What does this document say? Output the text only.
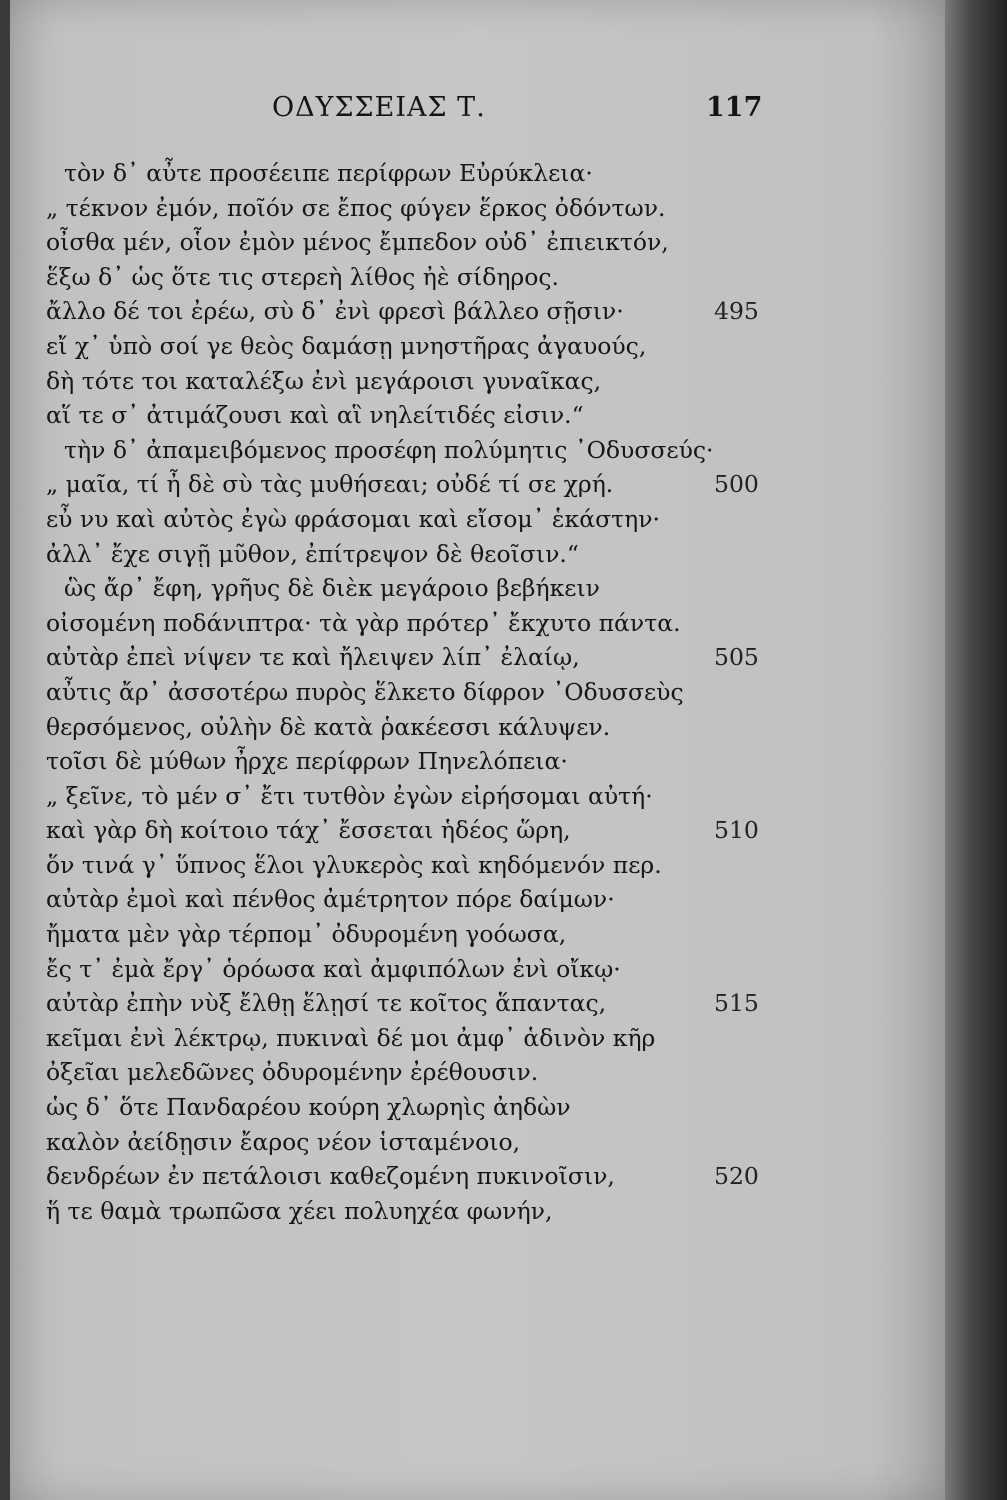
ΟΔΥΣΣΕΙΑΣ Τ.	117
τὸν δ᾽ αὖτε προσέειπε περίφρων Εὐρύκλεια·
„ τέκνον ἐμόν, ποῖόν σε ἔπος φύγεν ἕρκος ὀδόντων.
οἶσθα μέν, οἷον ἐμὸν μένος ἔμπεδον οὐδ᾽ ἐπιεικτόν,
ἕξω δ᾽ ὡς ὅτε τις στερεὴ λίθος ἠὲ σίδηρος.
ἄλλο δέ τοι ἐρέω, σὺ δ᾽ ἐνὶ φρεσὶ βάλλεο σῇσιν·	495
εἴ χ᾽ ὑπὸ σοί γε θεὸς δαμάσῃ μνηστῆρας ἀγαυούς,
δὴ τότε τοι καταλέξω ἐνὶ μεγάροισι γυναῖκας,
αἵ τε σ᾽ ἀτιμάζουσι καὶ αἳ νηλείτιδές εἰσιν.“
τὴν δ᾽ ἀπαμειβόμενος προσέφη πολύμητις ᾿Οδυσσεύς·
„ μαῖα, τί ἦ δὲ σὺ τὰς μυθήσεαι; οὐδέ τί σε χρή.	500
εὖ νυ καὶ αὐτὸς ἐγὼ φράσομαι καὶ εἴσομ᾽ ἑκάστην·
ἀλλ᾽ ἔχε σιγῇ μῦθον, ἐπίτρεψον δὲ θεοῖσιν.“
ὣς ἄρ᾽ ἔφη, γρῆυς δὲ διὲκ μεγάροιο βεβήκειν
οἰσομένη ποδάνιπτρα· τὰ γὰρ πρότερ᾽ ἔκχυτο πάντα.
αὐτὰρ ἐπεὶ νίψεν τε καὶ ἤλειψεν λίπ᾽ ἐλαίῳ,	505
αὖτις ἄρ᾽ ἀσσοτέρω πυρὸς ἕλκετο δίφρον ᾿Οδυσσεὺς
θερσόμενος, οὐλὴν δὲ κατὰ ῥακέεσσι κάλυψεν.
τοῖσι δὲ μύθων ἦρχε περίφρων Πηνελόπεια·
„ ξεῖνε, τὸ μέν σ᾽ ἔτι τυτθὸν ἐγὼν εἰρήσομαι αὐτή·
καὶ γὰρ δὴ κοίτοιο τάχ᾽ ἔσσεται ἡδέος ὥρη,	510
ὅν τινά γ᾽ ὕπνος ἕλοι γλυκερὸς καὶ κηδόμενόν περ.
αὐτὰρ ἐμοὶ καὶ πένθος ἀμέτρητον πόρε δαίμων·
ἤματα μὲν γὰρ τέρπομ᾽ ὀδυρομένη γοόωσα,
ἔς τ᾽ ἐμὰ ἔργ᾽ ὁρόωσα καὶ ἀμφιπόλων ἐνὶ οἴκῳ·
αὐτὰρ ἐπὴν νὺξ ἔλθῃ ἕλῃσί τε κοῖτος ἅπαντας,	515
κεῖμαι ἐνὶ λέκτρῳ, πυκιναὶ δέ μοι ἀμφ᾽ ἁδινὸν κῆρ
ὀξεῖαι μελεδῶνες ὀδυρομένην ἐρέθουσιν.
ὡς δ᾽ ὅτε Πανδαρέου κούρη χλωρηὶς ἀηδὼν
καλὸν ἀείδῃσιν ἔαρος νέον ἱσταμένοιο,
δενδρέων ἐν πετάλοισι καθεζομένη πυκινοῖσιν,	520
ἥ τε θαμὰ τρωπῶσα χέει πολυηχέα φωνήν,
